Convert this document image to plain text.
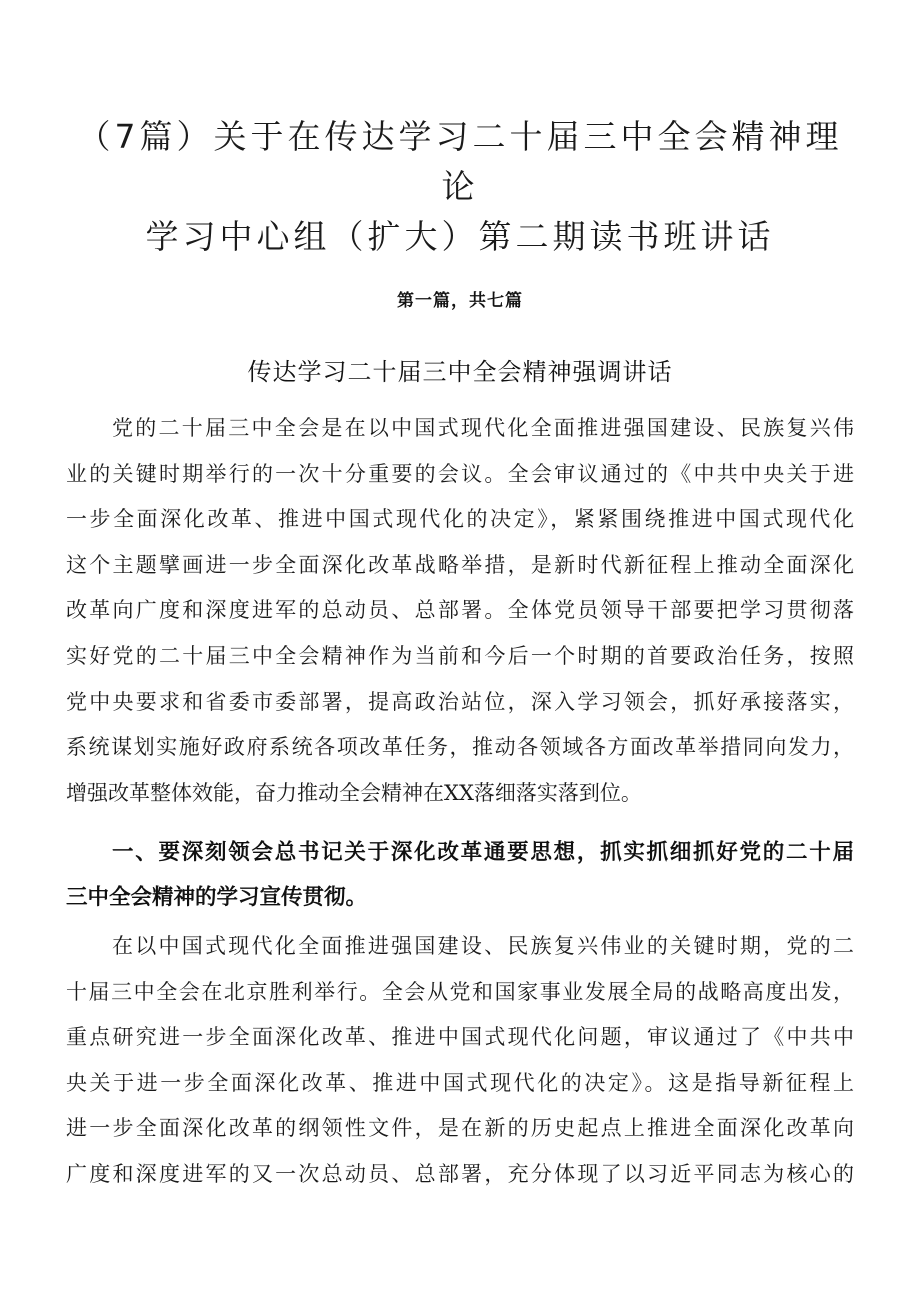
（7篇）关于在传达学习二十届三中全会精神理论
学习中心组（扩大）第二期读书班讲话
第一篇，共七篇
传达学习二十届三中全会精神强调讲话

党的二十届三中全会是在以中国式现代化全面推进强国建设、民族复兴伟
业的关键时期举行的一次十分重要的会议。全会审议通过的《中共中央关于进
一步全面深化改革、推进中国式现代化的决定》，紧紧围绕推进中国式现代化
这个主题擘画进一步全面深化改革战略举措，是新时代新征程上推动全面深化
改革向广度和深度进军的总动员、总部署。全体党员领导干部要把学习贯彻落
实好党的二十届三中全会精神作为当前和今后一个时期的首要政治任务，按照
党中央要求和省委市委部署，提高政治站位，深入学习领会，抓好承接落实，
系统谋划实施好政府系统各项改革任务，推动各领域各方面改革举措同向发力，
增强改革整体效能，奋力推动全会精神在XX落细落实落到位。

一、要深刻领会总书记关于深化改革通要思想，抓实抓细抓好党的二十届
三中全会精神的学习宣传贯彻。

在以中国式现代化全面推进强国建设、民族复兴伟业的关键时期，党的二
十届三中全会在北京胜利举行。全会从党和国家事业发展全局的战略高度出发，
重点研究进一步全面深化改革、推进中国式现代化问题，审议通过了《中共中
央关于进一步全面深化改革、推进中国式现代化的决定》。这是指导新征程上
进一步全面深化改革的纲领性文件，是在新的历史起点上推进全面深化改革向
广度和深度进军的又一次总动员、总部署，充分体现了以习近平同志为核心的
